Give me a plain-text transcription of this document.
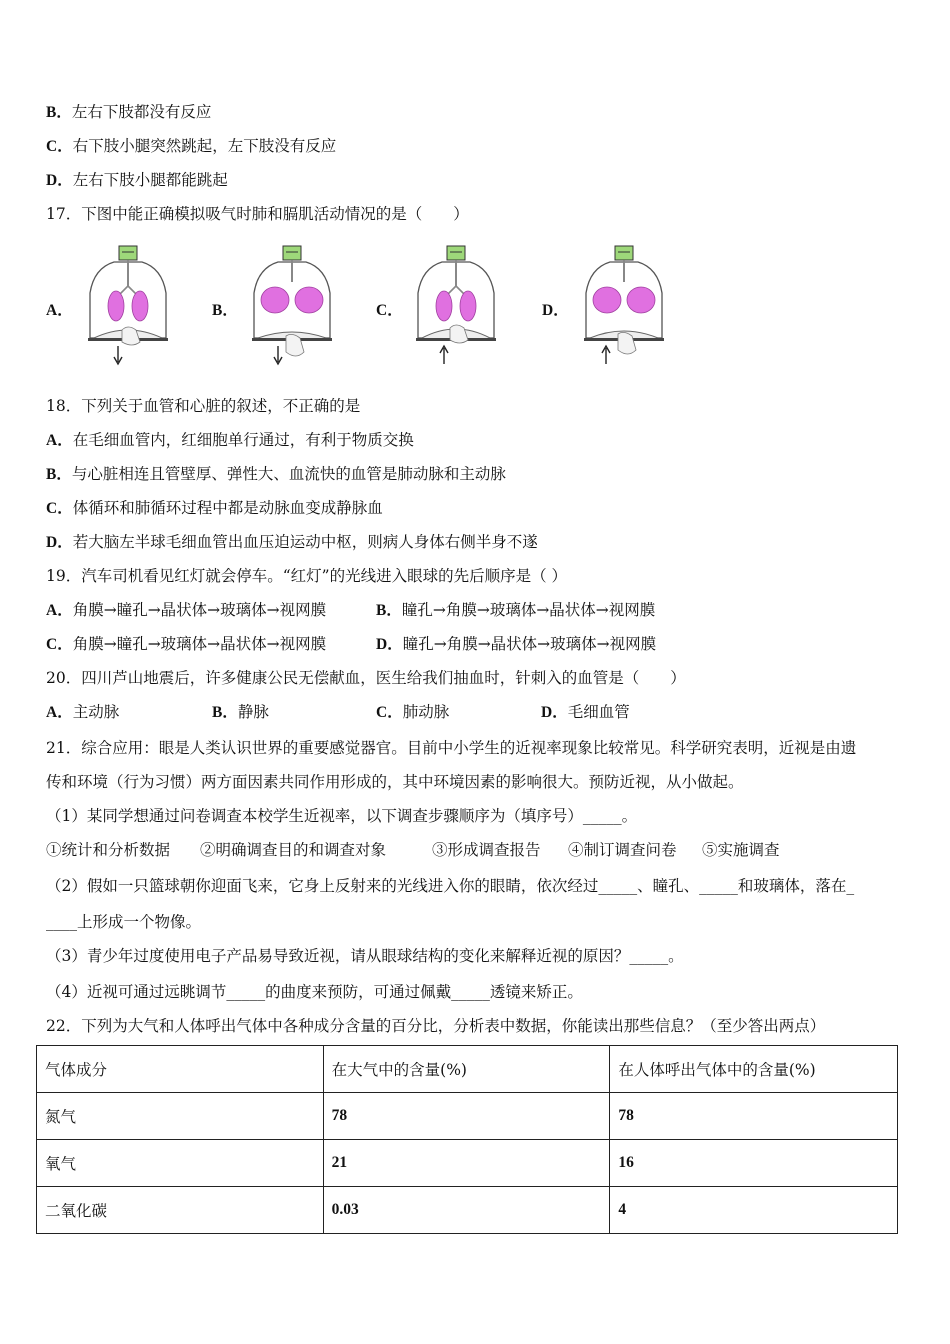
B．左右下肢都没有反应
C．右下肢小腿突然跳起，左下肢没有反应
D．左右下肢小腿都能跳起
17．下图中能正确模拟吸气时肺和膈肌活动情况的是（　　）
A．	B．	C．	D．
18．下列关于血管和心脏的叙述，不正确的是
A．在毛细血管内，红细胞单行通过，有利于物质交换
B．与心脏相连且管壁厚、弹性大、血流快的血管是肺动脉和主动脉
C．体循环和肺循环过程中都是动脉血变成静脉血
D．若大脑左半球毛细血管出血压迫运动中枢，则病人身体右侧半身不遂
19．汽车司机看见红灯就会停车。“红灯”的光线进入眼球的先后顺序是（ ）
A．角膜→瞳孔→晶状体→玻璃体→视网膜	B．瞳孔→角膜→玻璃体→晶状体→视网膜
C．角膜→瞳孔→玻璃体→晶状体→视网膜	D．瞳孔→角膜→晶状体→玻璃体→视网膜
20．四川芦山地震后，许多健康公民无偿献血，医生给我们抽血时，针刺入的血管是（　　）
A．主动脉	B．静脉	C．肺动脉	D．毛细血管
21．综合应用：眼是人类认识世界的重要感觉器官。目前中小学生的近视率现象比较常见。科学研究表明，近视是由遗
传和环境（行为习惯）两方面因素共同作用形成的，其中环境因素的影响很大。预防近视，从小做起。
（1）某同学想通过问卷调查本校学生近视率，以下调查步骤顺序为（填序号）_____。
①统计和分析数据 ②明确调查目的和调查对象	③形成调查报告 ④制订调查问卷 ⑤实施调查
（2）假如一只篮球朝你迎面飞来，它身上反射来的光线进入你的眼睛，依次经过_____、瞳孔、_____和玻璃体，落在_
____上形成一个物像。
（3）青少年过度使用电子产品易导致近视，请从眼球结构的变化来解释近视的原因？_____。
（4）近视可通过远眺调节_____的曲度来预防，可通过佩戴_____透镜来矫正。
22．下列为大气和人体呼出气体中各种成分含量的百分比，分析表中数据，你能读出那些信息？（至少答出两点）
气体成分	在大气中的含量(%)	在人体呼出气体中的含量(%)
氮气	78	78
氧气	21	16
二氧化碳	0.03	4
